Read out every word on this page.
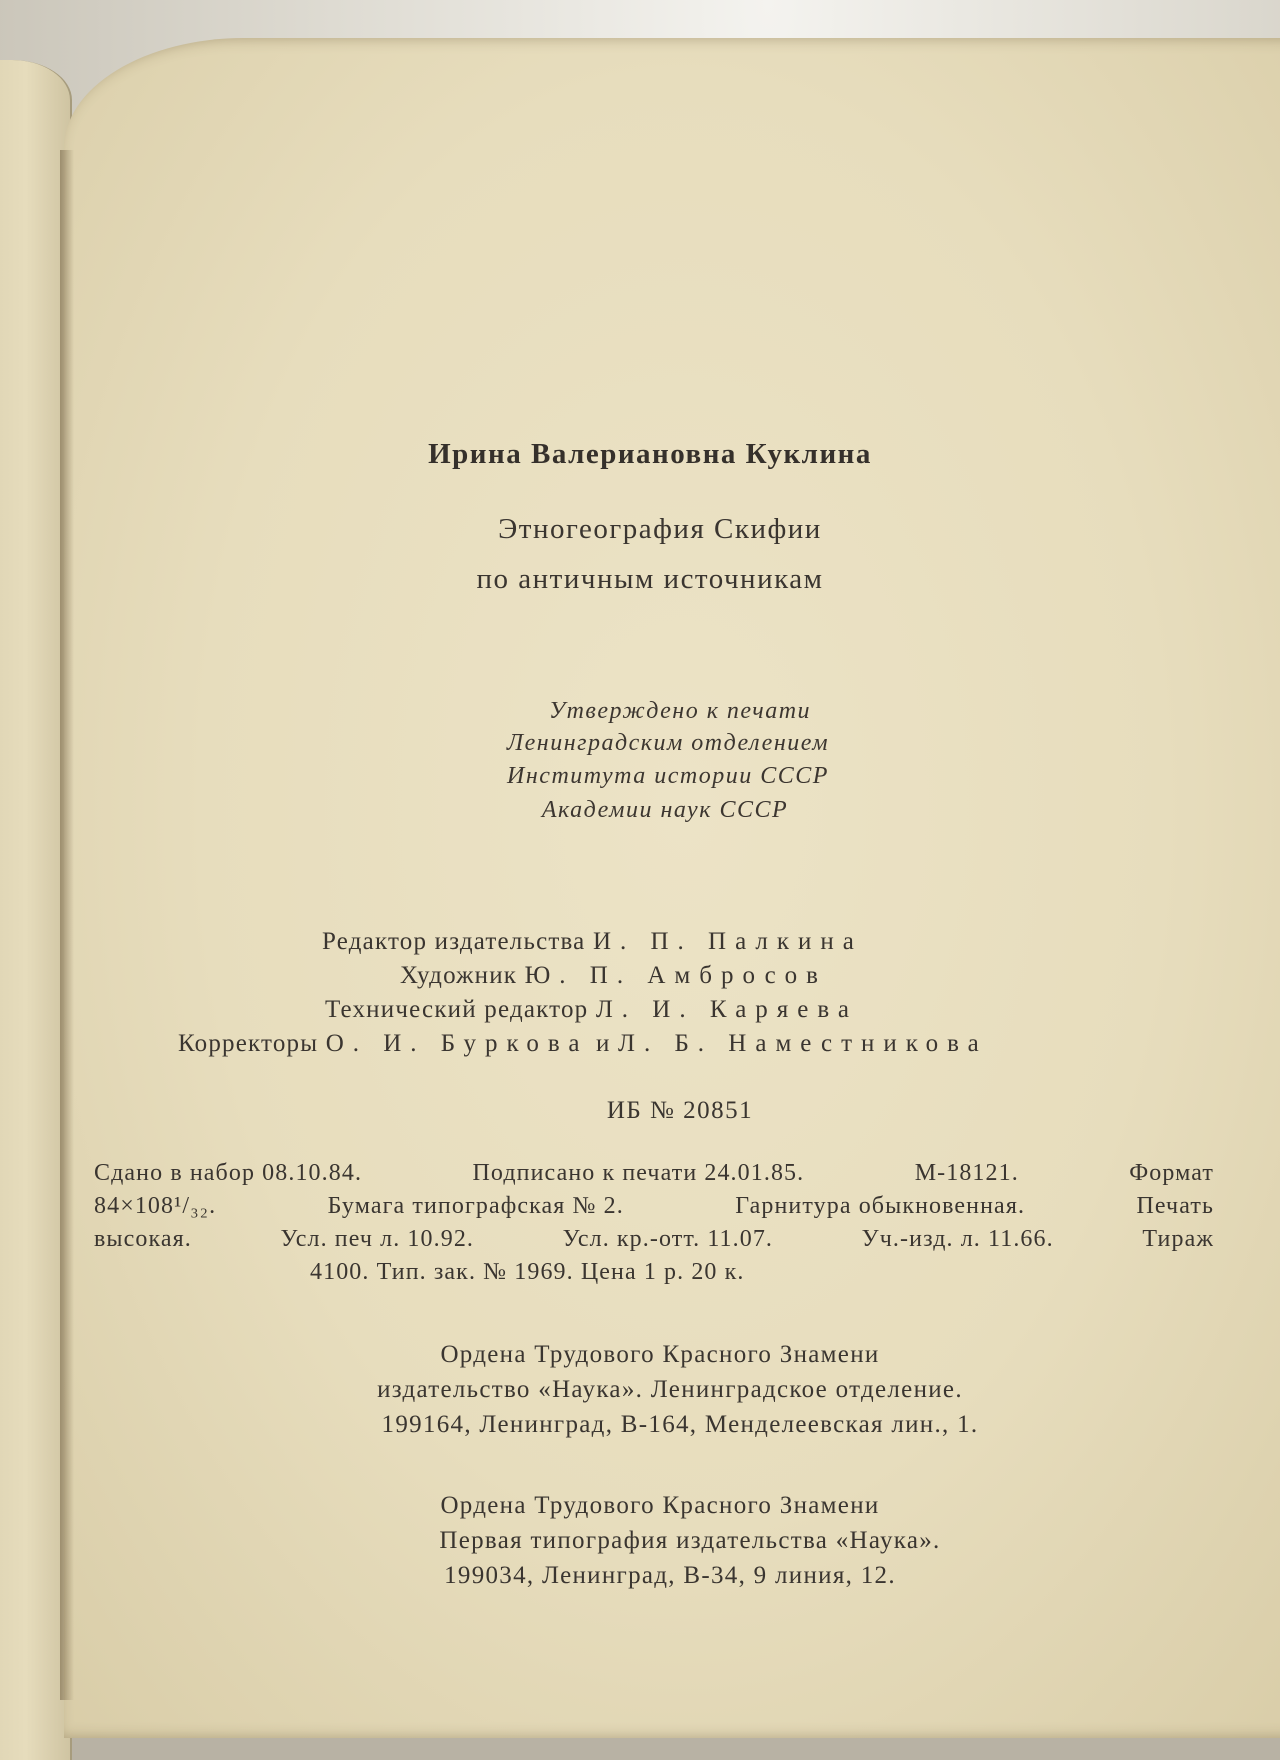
Ирина Валериановна Куклина
Этногеография Скифии
по античным источникам
Утверждено к печати
Ленинградским отделением
Института истории СССР
Академии наук СССР
Редактор издательства И. П. Палкина
Художник Ю. П. Амбросов
Технический редактор Л. И. Каряева
Корректоры О. И. Буркова и Л. Б. Наместникова
ИБ № 20851
Сдано в набор 08.10.84.	Подписано к печати 24.01.85.	М-18121.	Формат
84×108¹/₃₂.	Бумага типографская № 2.	Гарнитура обыкновенная.	Печать
высокая.	Усл. печ л. 10.92.	Усл. кр.-отт. 11.07.	Уч.-изд. л. 11.66.	Тираж
4100. Тип. зак. № 1969. Цена 1 р. 20 к.
Ордена Трудового Красного Знамени
издательство «Наука». Ленинградское отделение.
199164, Ленинград, В-164, Менделеевская лин., 1.
Ордена Трудового Красного Знамени
Первая типография издательства «Наука».
199034, Ленинград, В-34, 9 линия, 12.
